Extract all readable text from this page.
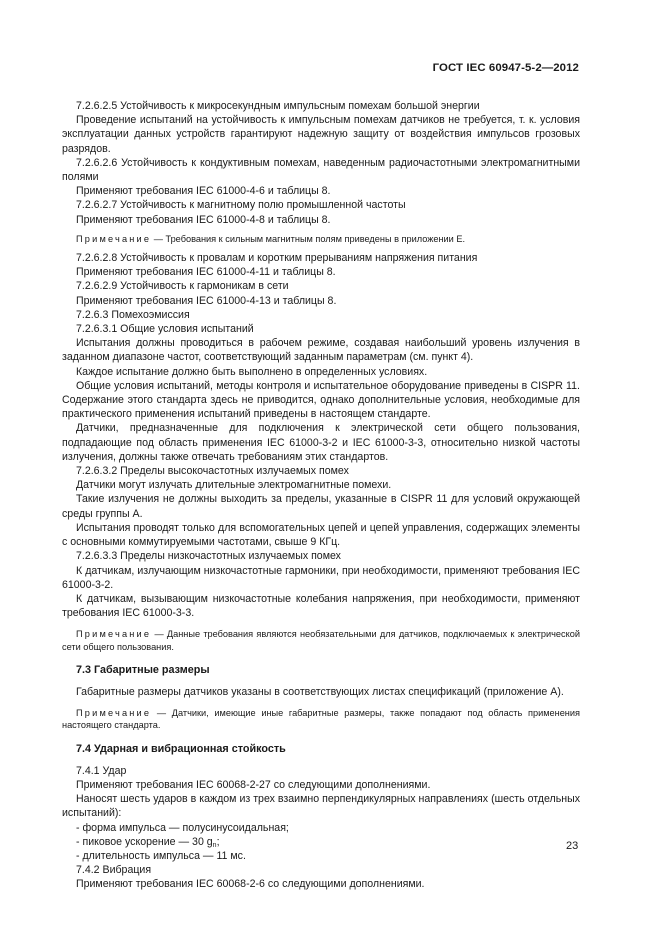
ГОСТ IEC 60947-5-2—2012

7.2.6.2.5 Устойчивость к микросекундным импульсным помехам большой энергии

Проведение испытаний на устойчивость к импульсным помехам датчиков не требуется, т. к. условия эксплуатации данных устройств гарантируют надежную защиту от воздействия импульсов грозовых разрядов.

7.2.6.2.6 Устойчивость к кондуктивным помехам, наведенным радиочастотными электромагнитными полями

Применяют требования IEC 61000-4-6 и таблицы 8.

7.2.6.2.7 Устойчивость к магнитному полю промышленной частоты

Применяют требования IEC 61000-4-8 и таблицы 8.

Примечание — Требования к сильным магнитным полям приведены в приложении Е.

7.2.6.2.8 Устойчивость к провалам и коротким прерываниям напряжения питания

Применяют требования IEC 61000-4-11 и таблицы 8.

7.2.6.2.9 Устойчивость к гармоникам в сети

Применяют требования IEC 61000-4-13 и таблицы 8.

7.2.6.3 Помехоэмиссия

7.2.6.3.1 Общие условия испытаний

Испытания должны проводиться в рабочем режиме, создавая наибольший уровень излучения в заданном диапазоне частот, соответствующий заданным параметрам (см. пункт 4).

Каждое испытание должно быть выполнено в определенных условиях.

Общие условия испытаний, методы контроля и испытательное оборудование приведены в CISPR 11. Содержание этого стандарта здесь не приводится, однако дополнительные условия, необходимые для практического применения испытаний приведены в настоящем стандарте.

Датчики, предназначенные для подключения к электрической сети общего пользования, подпадающие под область применения IEC 61000-3-2 и IEC 61000-3-3, относительно низкой частоты излучения, должны также отвечать требованиям этих стандартов.

7.2.6.3.2 Пределы высокочастотных излучаемых помех

Датчики могут излучать длительные электромагнитные помехи.

Такие излучения не должны выходить за пределы, указанные в CISPR 11 для условий окружающей среды группы А.

Испытания проводят только для вспомогательных цепей и цепей управления, содержащих элементы с основными коммутируемыми частотами, свыше 9 КГц.

7.2.6.3.3 Пределы низкочастотных излучаемых помех

К датчикам, излучающим низкочастотные гармоники, при необходимости, применяют требования IEC 61000-3-2.

К датчикам, вызывающим низкочастотные колебания напряжения, при необходимости, применяют требования IEC 61000-3-3.

Примечание — Данные требования являются необязательными для датчиков, подключаемых к электрической сети общего пользования.

7.3 Габаритные размеры

Габаритные размеры датчиков указаны в соответствующих листах спецификаций (приложение А).

Примечание — Датчики, имеющие иные габаритные размеры, также попадают под область применения настоящего стандарта.

7.4 Ударная и вибрационная стойкость

7.4.1 Удар

Применяют требования IEC 60068-2-27 со следующими дополнениями.

Наносят шесть ударов в каждом из трех взаимно перпендикулярных направлениях (шесть отдельных испытаний):

- форма импульса — полусинусоидальная;

- пиковое ускорение — 30 $g_n$;

- длительность импульса — 11 мс.

7.4.2 Вибрация

Применяют требования IEC 60068-2-6 со следующими дополнениями.

23
